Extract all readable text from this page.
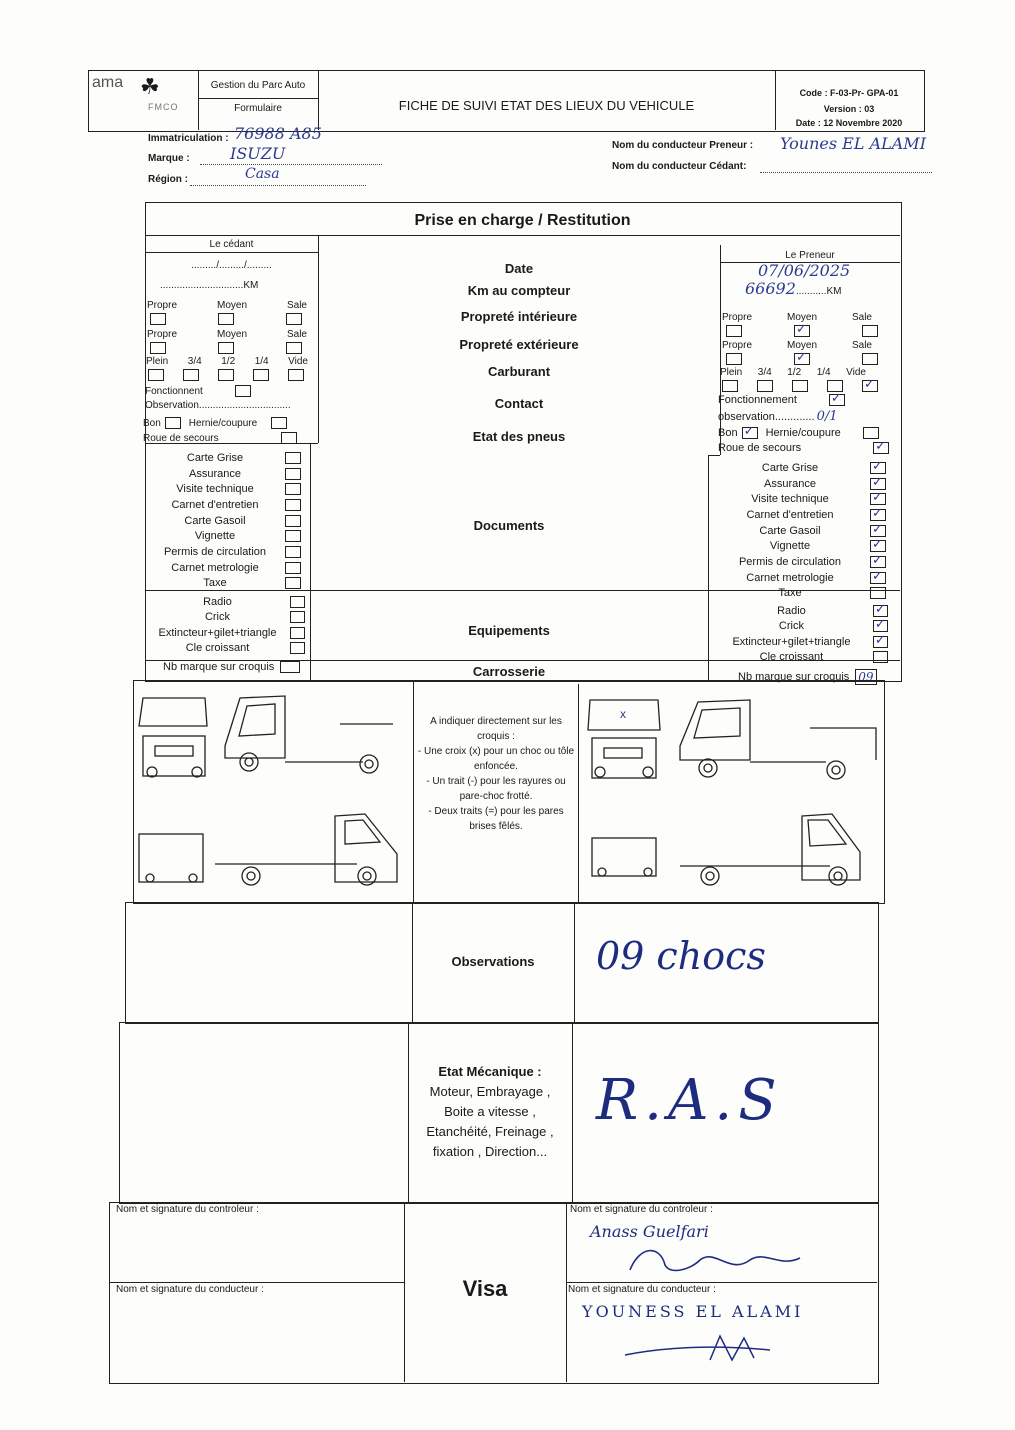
ama ☘
FMCO
Gestion du Parc Auto
Formulaire	FICHE DE SUIVI ETAT DES LIEUX DU VEHICULE
Code : F-03-Pr- GPA-01
Version : 03
Date : 12 Novembre 2020
Immatriculation : 76988 A85
Marque :	ISUZU
Région :	Casa
Nom du conducteur Preneur : Younes EL ALAMI
Nom du conducteur Cédant:
Prise en charge / Restitution
Le cédant
Le Preneur
Date
Km au compteur
Propreté intérieure
Propreté extérieure
Carburant
Contact
Etat des pneus
Documents
Equipements
Carrosserie
........./........./.........
..............................KM
Propre	Moyen	Sale
Propre	Moyen	Sale
Plein 3/4 1/2 1/4 Vide
Fonctionnent
Observation.................................
Bon	Hernie/coupure
Roue de secours
Carte Grise
Assurance
Visite technique
Carnet d'entretien
Carte Gasoil
Vignette
Permis de circulation
Carnet metrologie
Taxe
Radio
Crick
Extincteur+gilet+triangle
Cle croissant
Nb marque sur croquis
07/06/2025
66692 ...........KM
Propre	Moyen	Sale
✓
Propre	Moyen	Sale
✓
Plein 3/4 1/2 1/4 Vide
✓
Fonctionnement
✓
observation............. 0/1
Bon
✓	Hernie/coupure
Roue de secours
✓
Carte Grise
✓
Assurance
✓
Visite technique
✓
Carnet d'entretien
✓
Carte Gasoil
✓
Vignette
✓
Permis de circulation
✓
Carnet metrologie
✓
Taxe
Radio
✓
Crick
✓
Extincteur+gilet+triangle
✓
Cle croissant
Nb marque sur croquis 09
A indiquer directement sur les croquis :
- Une croix (x) pour un choc ou tôle enfoncée.
- Un trait (-) pour les rayures ou pare-choc frotté.
- Deux traits (=) pour les pares brises fêlés.
x
Observations	09 chocs
Etat Mécanique :
Moteur, Embrayage , Boite a vitesse , Etanchéité, Freinage , fixation , Direction...
R.A.S
Nom et signature du controleur :
Nom et signature du conducteur :
Nom et signature du controleur :
Anass Guelfari
Nom et signature du conducteur :
YOUNESS EL ALAMI
Visa
